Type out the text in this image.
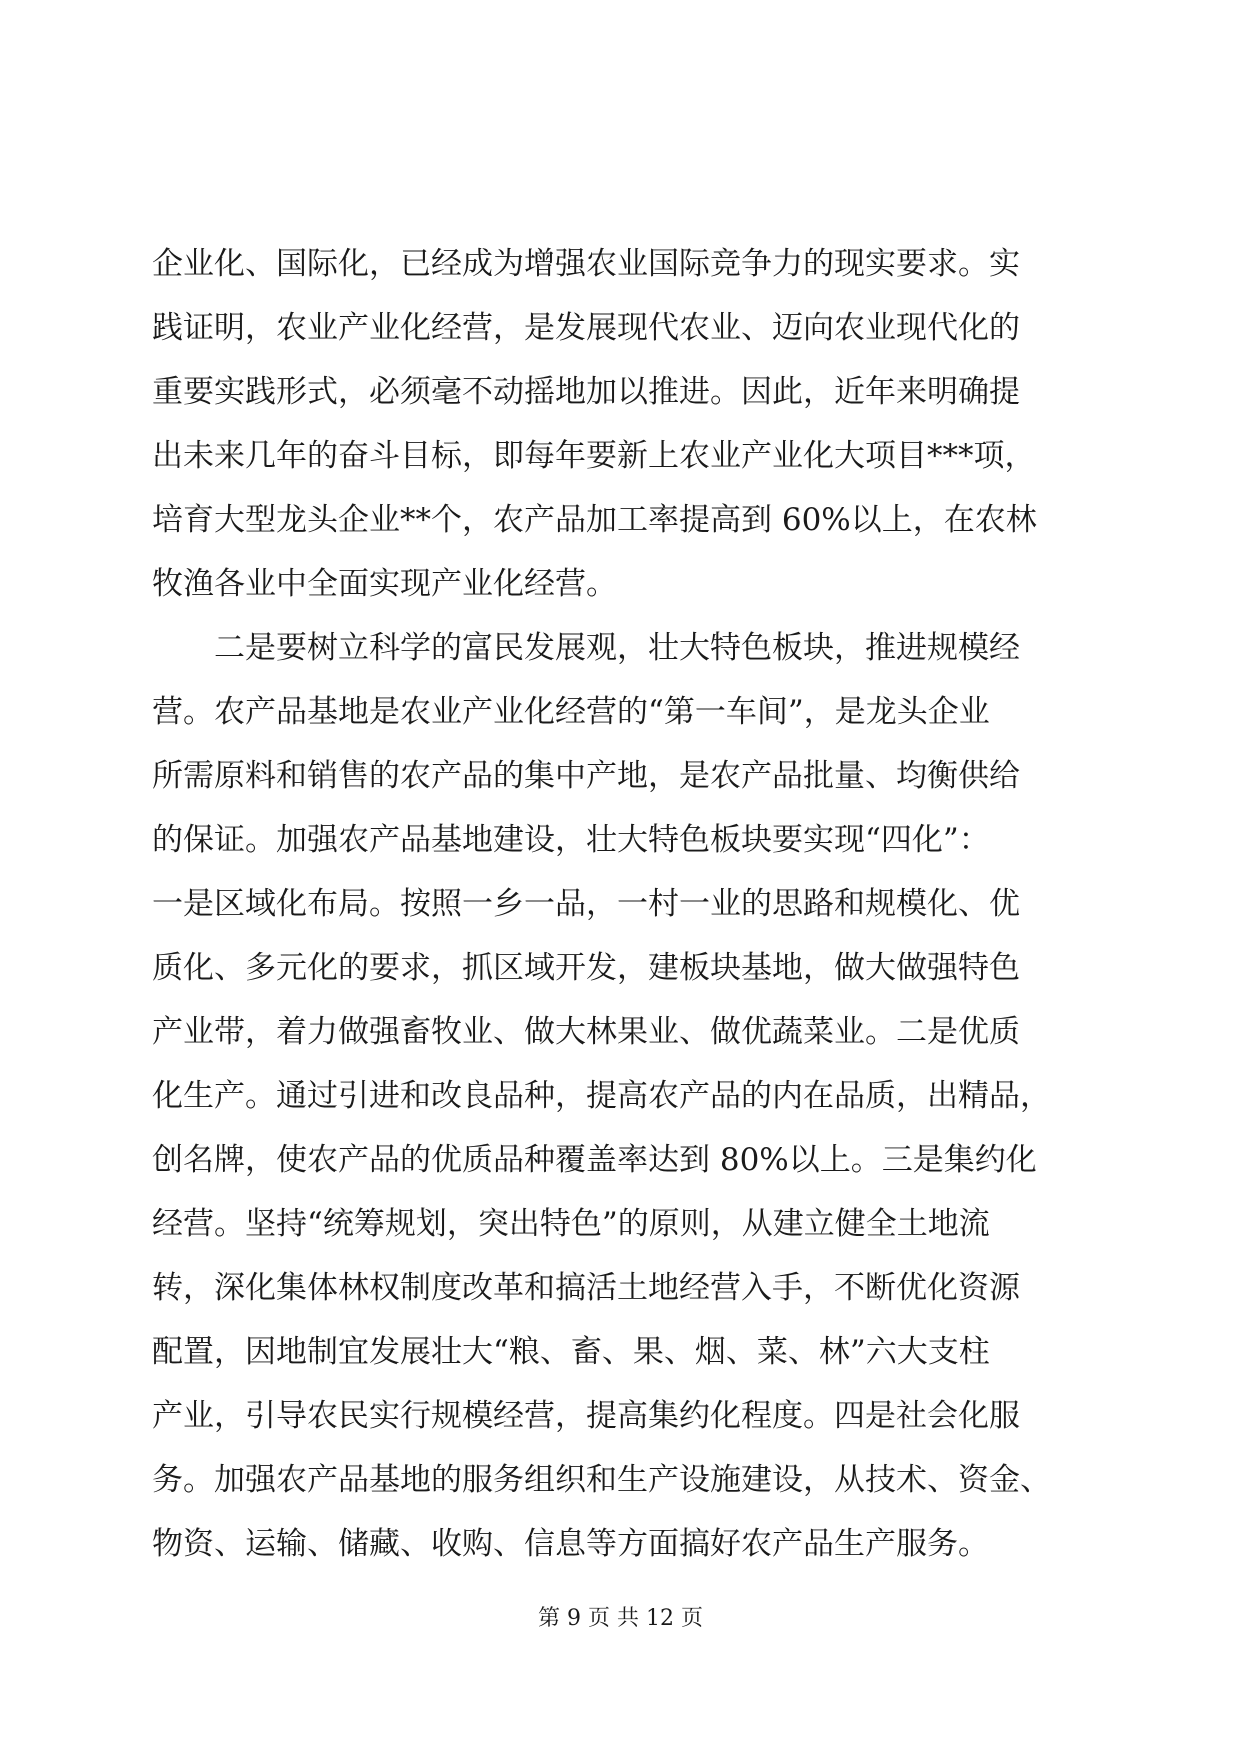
企业化、国际化，已经成为增强农业国际竞争力的现实要求。实
践证明，农业产业化经营，是发展现代农业、迈向农业现代化的
重要实践形式，必须毫不动摇地加以推进。因此，近年来明确提
出未来几年的奋斗目标，即每年要新上农业产业化大项目***项，
培育大型龙头企业**个，农产品加工率提高到 60%以上，在农林
牧渔各业中全面实现产业化经营。
　　二是要树立科学的富民发展观，壮大特色板块，推进规模经
营。农产品基地是农业产业化经营的“第一车间”，是龙头企业
所需原料和销售的农产品的集中产地，是农产品批量、均衡供给
的保证。加强农产品基地建设，壮大特色板块要实现“四化”：
一是区域化布局。按照一乡一品，一村一业的思路和规模化、优
质化、多元化的要求，抓区域开发，建板块基地，做大做强特色
产业带，着力做强畜牧业、做大林果业、做优蔬菜业。二是优质
化生产。通过引进和改良品种，提高农产品的内在品质，出精品，
创名牌，使农产品的优质品种覆盖率达到 80%以上。三是集约化
经营。坚持“统筹规划，突出特色”的原则，从建立健全土地流
转，深化集体林权制度改革和搞活土地经营入手，不断优化资源
配置，因地制宜发展壮大“粮、畜、果、烟、菜、林”六大支柱
产业，引导农民实行规模经营，提高集约化程度。四是社会化服
务。加强农产品基地的服务组织和生产设施建设，从技术、资金、
物资、运输、储藏、收购、信息等方面搞好农产品生产服务。
第 9 页 共 12 页
